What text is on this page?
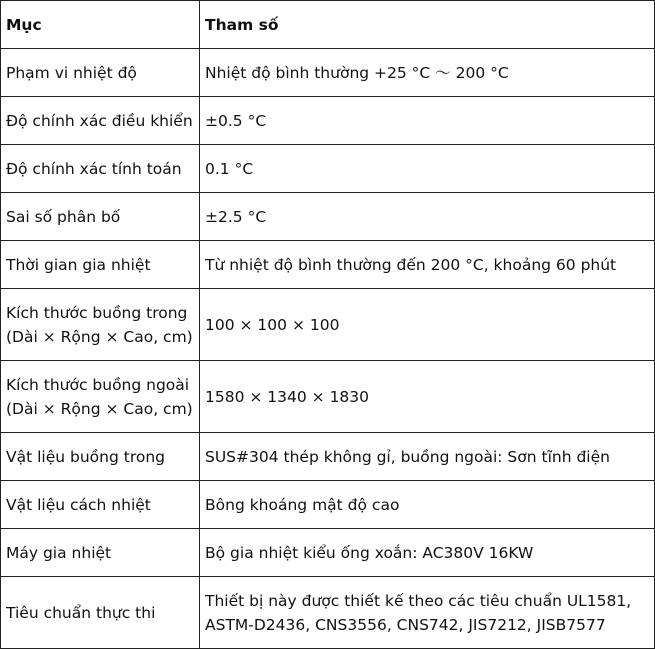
Mục	Tham số
Phạm vi nhiệt độ	Nhiệt độ bình thường +25 °C ～ 200 °C
Độ chính xác điều khiển	±0.5 °C
Độ chính xác tính toán	0.1 °C
Sai số phân bố	±2.5 °C
Thời gian gia nhiệt	Từ nhiệt độ bình thường đến 200 °C, khoảng 60 phút
Kích thước buồng trong
(Dài × Rộng × Cao, cm)	100 × 100 × 100
Kích thước buồng ngoài
(Dài × Rộng × Cao, cm)	1580 × 1340 × 1830
Vật liệu buồng trong	SUS#304 thép không gỉ, buồng ngoài: Sơn tĩnh điện
Vật liệu cách nhiệt	Bông khoáng mật độ cao
Máy gia nhiệt	Bộ gia nhiệt kiểu ống xoắn: AC380V 16KW
Tiêu chuẩn thực thi	Thiết bị này được thiết kế theo các tiêu chuẩn UL1581,
ASTM-D2436, CNS3556, CNS742, JIS7212, JISB7577
